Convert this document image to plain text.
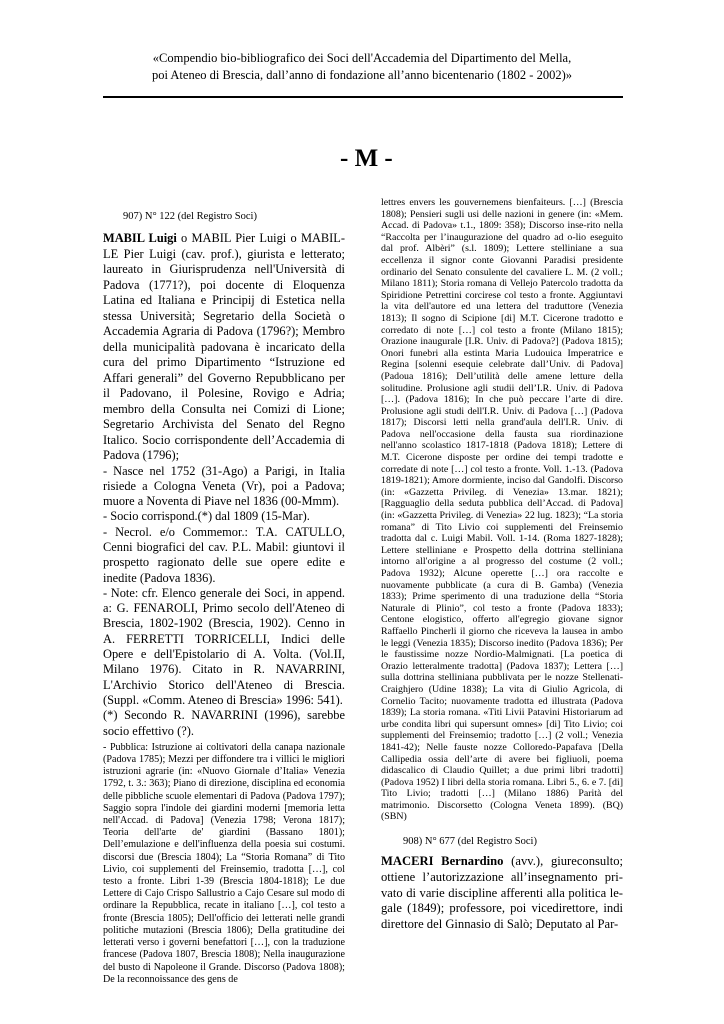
«Compendio bio-bibliografico dei Soci dell'Accademia del Dipartimento del Mella,
poi Ateneo di Brescia, dall’anno di fondazione all’anno bicentenario (1802 - 2002)»
- M -
907) N° 122 (del Registro Soci)

MABIL Luigi o MABIL Pier Luigi o MABIL-LE Pier Luigi (cav. prof.), giurista e letterato; laureato in Giurisprudenza nell'Università di Padova (1771?), poi docente di Eloquenza Latina ed Italiana e Principij di Estetica nella stessa Università; Segretario della Società o Accademia Agraria di Padova (1796?); Membro della municipalità padovana è incaricato della cura del primo Dipartimento “Istruzione ed Affari generali” del Governo Repubblicano per il Padovano, il Polesine, Rovigo e Adria; membro della Consulta nei Comizi di Lione; Segretario Archivista del Senato del Regno Italico. Socio corrispondente dell’Accademia di Padova (1796);

- Nasce nel 1752 (31-Ago) a Parigi, in Italia risiede a Cologna Veneta (Vr), poi a Padova; muore a Noventa di Piave nel 1836 (00-Mmm).
- Socio corrispond.(*) dal 1809 (15-Mar).
- Necrol. e/o Commemor.: T.A. CATULLO, Cenni biografici del cav. P.L. Mabil: giuntovi il prospetto ragionato delle sue opere edite e inedite (Padova 1836).
- Note: cfr. Elenco generale dei Soci, in append. a: G. FENAROLI, Primo secolo dell'Ateneo di Brescia, 1802-1902 (Brescia, 1902). Cenno in A. FERRETTI TORRICELLI, Indici delle Opere e dell'Epistolario di A. Volta. (Vol.II, Milano 1976). Citato in R. NAVARRINI, L'Archivio Storico dell'Ateneo di Brescia. (Suppl. «Comm. Ateneo di Brescia» 1996: 541).
(*) Secondo R. NAVARRINI (1996), sarebbe socio effettivo (?).

- Pubblica: Istruzione ai coltivatori della canapa nazionale (Padova 1785); Mezzi per diffondere tra i villici le migliori istruzioni agrarie (in: «Nuovo Giornale d’Italia» Venezia 1792, t. 3.: 363); Piano di direzione, disciplina ed economia delle pibbliche scuole elementari di Padova (Padova 1797); Saggio sopra l'indole dei giardini moderni [memoria letta nell'Accad. di Padova] (Venezia 1798; Verona 1817); Teoria dell'arte de' giardini (Bassano 1801); Dell’emulazione e dell'influenza della poesia sui costumi. discorsi due (Brescia 1804); La “Storia Romana” di Tito Livio, coi supplementi del Freinsemio, tradotta […], col testo a fronte. Libri 1-39 (Brescia 1804-1818); Le due Lettere di Cajo Crispo Sallustrio a Cajo Cesare sul modo di ordinare la Repubblica, recate in italiano […], col testo a fronte (Brescia 1805); Dell'officio dei letterati nelle grandi politiche mutazioni (Brescia 1806); Della gratitudine dei letterati verso i governi benefattori […], con la traduzione francese (Padova 1807, Brescia 1808); Nella inaugurazione del busto di Napoleone il Grande. Discorso (Padova 1808); De la reconnoissance des gens de

lettres envers les gouvernemens bienfaiteurs. […] (Brescia 1808); Pensieri sugli usi delle nazioni in genere (in: «Mem. Accad. di Padova» t.1., 1809: 358); Discorso inse-rito nella “Raccolta per l’inaugurazione del quadro ad o-lio eseguito dal prof. Albèri” (s.l. 1809); Lettere stelliniane a sua eccellenza il signor conte Giovanni Paradisi presidente ordinario del Senato consulente del cavaliere L. M. (2 voll.; Milano 1811); Storia romana di Vellejo Patercolo tradotta da Spiridione Petrettini corcirese col testo a fronte. Aggiuntavi la vita dell'autore ed una lettera del traduttore (Venezia 1813); Il sogno di Scipione [di] M.T. Cicerone tradotto e corredato di note […] col testo a fronte (Milano 1815); Orazione inaugurale [I.R. Univ. di Padova?] (Padova 1815); Onori funebri alla estinta Maria Ludouica Imperatrice e Regina [solenni esequie celebrate dall’Univ. di Padova] (Padoua 1816); Dell’utilità delle amene letture della solitudine. Prolusione agli studii dell’I.R. Univ. di Padova […]. (Padova 1816); In che può peccare l’arte di dire. Prolusione agli studi dell'I.R. Univ. di Padova […] (Padova 1817); Discorsi letti nella grand'aula dell'I.R. Univ. di Padova nell'occasione della fausta sua riordinazione nell'anno scolastico 1817-1818 (Padova 1818); Lettere di M.T. Cicerone disposte per ordine dei tempi tradotte e corredate di note […] col testo a fronte. Voll. 1.-13. (Padova 1819-1821); Amore dormiente, inciso dal Gandolfi. Discorso (in: «Gazzetta Privileg. di Venezia» 13.mar. 1821); [Ragguaglio della seduta pubblica dell’Accad. di Padova] (in: «Gazzetta Privileg. di Venezia» 22 lug. 1823); “La storia romana” di Tito Livio coi supplementi del Freinsemio tradotta dal c. Luigi Mabil. Voll. 1-14. (Roma 1827-1828); Lettere stelliniane e Prospetto della dottrina stelliniana intorno all'origine a al progresso del costume (2 voll.; Padova 1932); Alcune operette […] ora raccolte e nuovamente pubblicate (a cura di B. Gamba) (Venezia 1833); Prime sperimento di una traduzione della “Storia Naturale di Plinio”, col testo a fronte (Padova 1833); Centone elogistico, offerto all'egregio giovane signor Raffaello Pincherli il giorno che riceveva la lausea in ambo le leggi (Venezia 1835); Discorso inedito (Padova 1836); Per le faustissime nozze Nordio-Malmignati. [La poetica di Orazio letteralmente tradotta] (Padova 1837); Lettera […] sulla dottrina stelliniana pubblivata per le nozze Stellenati-Craighjero (Udine 1838); La vita di Giulio Agricola, di Cornelio Tacito; nuovamente tradotta ed illustrata (Padova 1839); La storia romana. «Titi Livii Patavini Historiarum ad urbe condita libri qui supersunt omnes» [di] Tito Livio; coi supplementi del Freinsemio; tradotto […] (2 voll.; Venezia 1841-42); Nelle fauste nozze Colloredo-Papafava [Della Callipedia ossia dell’arte di avere bei figliuoli, poema didascalico di Claudio Quillet; a due primi libri tradotti] (Padova 1952) I libri della storia romana. Libri 5., 6. e 7. [di] Tito Livio; tradotti […] (Milano 1886) Parità del matrimonio. Discorsetto (Cologna Veneta 1899). (BQ) (SBN)

908) N° 677 (del Registro Soci)

MACERI Bernardino (avv.), giureconsulto; ottiene l’autorizzazione all’insegnamento pri-vato di varie discipline afferenti alla politica le-gale (1849); professore, poi vicedirettore, indi direttore del Ginnasio di Salò; Deputato al Par-
